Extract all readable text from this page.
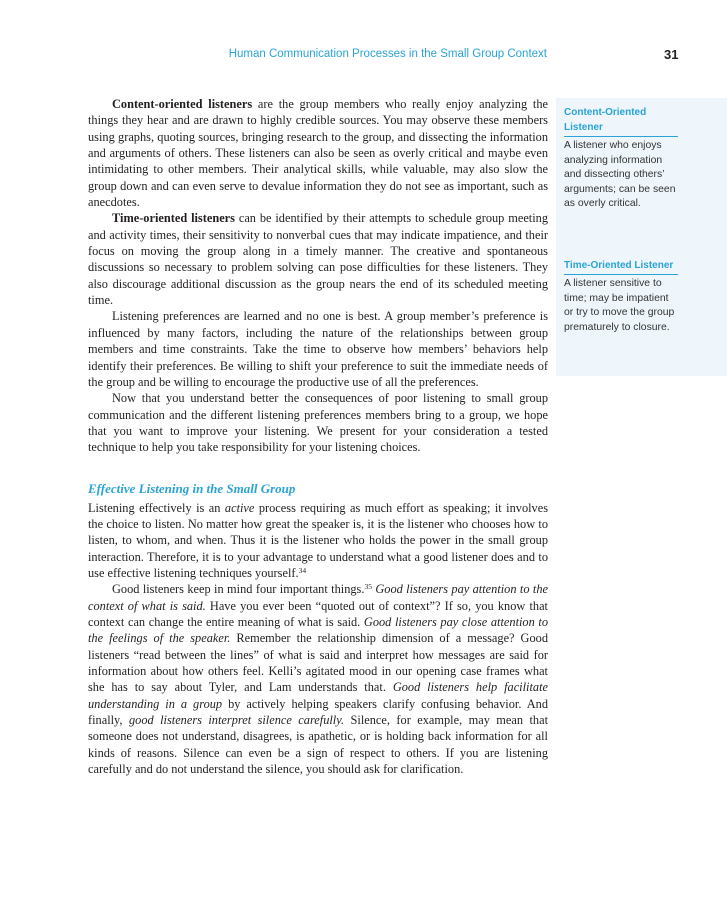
Human Communication Processes in the Small Group Context	31

Content-oriented listeners are the group members who really enjoy analyzing the things they hear and are drawn to highly credible sources. You may observe these members using graphs, quoting sources, bringing research to the group, and dissecting the information and arguments of others. These listeners can also be seen as overly critical and maybe even intimidating to other members. Their analytical skills, while valuable, may also slow the group down and can even serve to devalue information they do not see as important, such as anecdotes.

Time-oriented listeners can be identified by their attempts to schedule group meeting and activity times, their sensitivity to nonverbal cues that may indicate impatience, and their focus on moving the group along in a timely manner. The creative and spontaneous discussions so necessary to problem solving can pose difficulties for these listeners. They also discourage additional discussion as the group nears the end of its scheduled meeting time.

Listening preferences are learned and no one is best. A group member’s preference is influenced by many factors, including the nature of the relationships between group members and time constraints. Take the time to observe how members’ behaviors help identify their preferences. Be willing to shift your preference to suit the immediate needs of the group and be willing to encourage the productive use of all the preferences.

Now that you understand better the consequences of poor listening to small group communication and the different listening preferences members bring to a group, we hope that you want to improve your listening. We present for your consideration a tested technique to help you take responsibility for your listening choices.

Effective Listening in the Small Group

Listening effectively is an active process requiring as much effort as speaking; it involves the choice to listen. No matter how great the speaker is, it is the listener who chooses how to listen, to whom, and when. Thus it is the listener who holds the power in the small group interaction. Therefore, it is to your advantage to understand what a good listener does and to use effective listening techniques yourself.$^{34}$

Good listeners keep in mind four important things.$^{35}$ Good listeners pay attention to the context of what is said. Have you ever been “quoted out of context”? If so, you know that context can change the entire meaning of what is said. Good listeners pay close attention to the feelings of the speaker. Remember the relationship dimension of a message? Good listeners “read between the lines” of what is said and interpret how messages are said for information about how others feel. Kelli’s agitated mood in our opening case frames what she has to say about Tyler, and Lam understands that. Good listeners help facilitate understanding in a group by actively helping speakers clarify confusing behavior. And finally, good listeners interpret silence carefully. Silence, for example, may mean that someone does not understand, disagrees, is apathetic, or is holding back information for all kinds of reasons. Silence can even be a sign of respect to others. If you are listening carefully and do not understand the silence, you should ask for clarification.

Content-Oriented Listener
A listener who enjoys analyzing information and dissecting others’ arguments; can be seen as overly critical.
Time-Oriented Listener
A listener sensitive to time; may be impatient or try to move the group prematurely to closure.
